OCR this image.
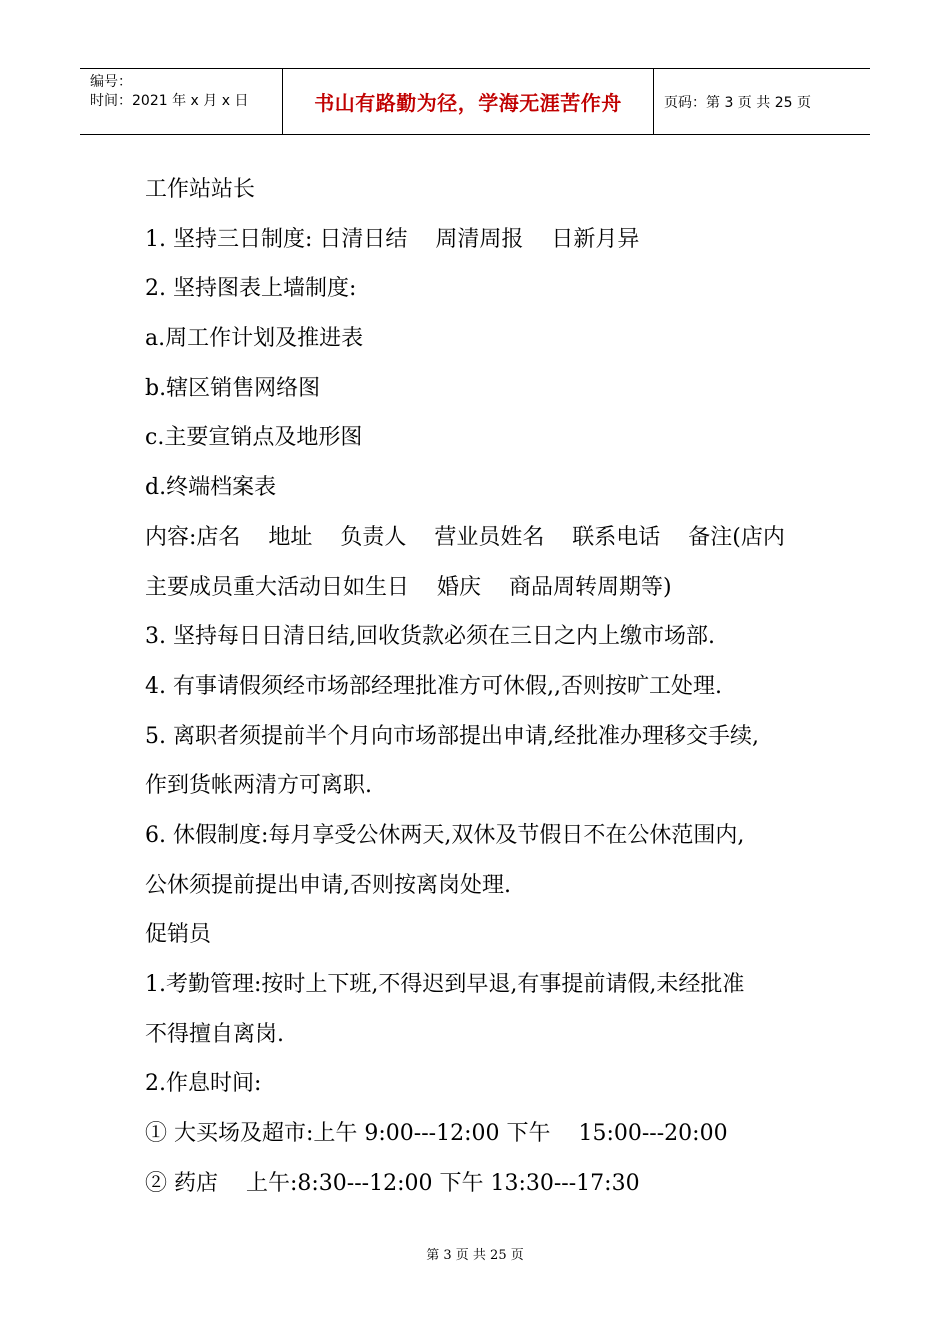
编号：
时间：2021 年 x 月 x 日	书山有路勤为径，学海无涯苦作舟	页码：第 3 页 共 25 页
工作站站长
1. 坚持三日制度: 日清日结    周清周报    日新月异
2. 坚持图表上墙制度:
a.周工作计划及推进表
b.辖区销售网络图
c.主要宣销点及地形图
d.终端档案表
内容:店名    地址    负责人    营业员姓名    联系电话    备注(店内
主要成员重大活动日如生日    婚庆    商品周转周期等)
3. 坚持每日日清日结,回收货款必须在三日之内上缴市场部.
4. 有事请假须经市场部经理批准方可休假,,否则按旷工处理.
5. 离职者须提前半个月向市场部提出申请,经批准办理移交手续,
作到货帐两清方可离职.
6. 休假制度:每月享受公休两天,双休及节假日不在公休范围内,
公休须提前提出申请,否则按离岗处理.
促销员
1.考勤管理:按时上下班,不得迟到早退,有事提前请假,未经批准
不得擅自离岗.
2.作息时间:
① 大买场及超市:上午 9:00---12:00 下午    15:00---20:00
② 药店    上午:8:30---12:00 下午 13:30---17:30
第 3 页 共 25 页
